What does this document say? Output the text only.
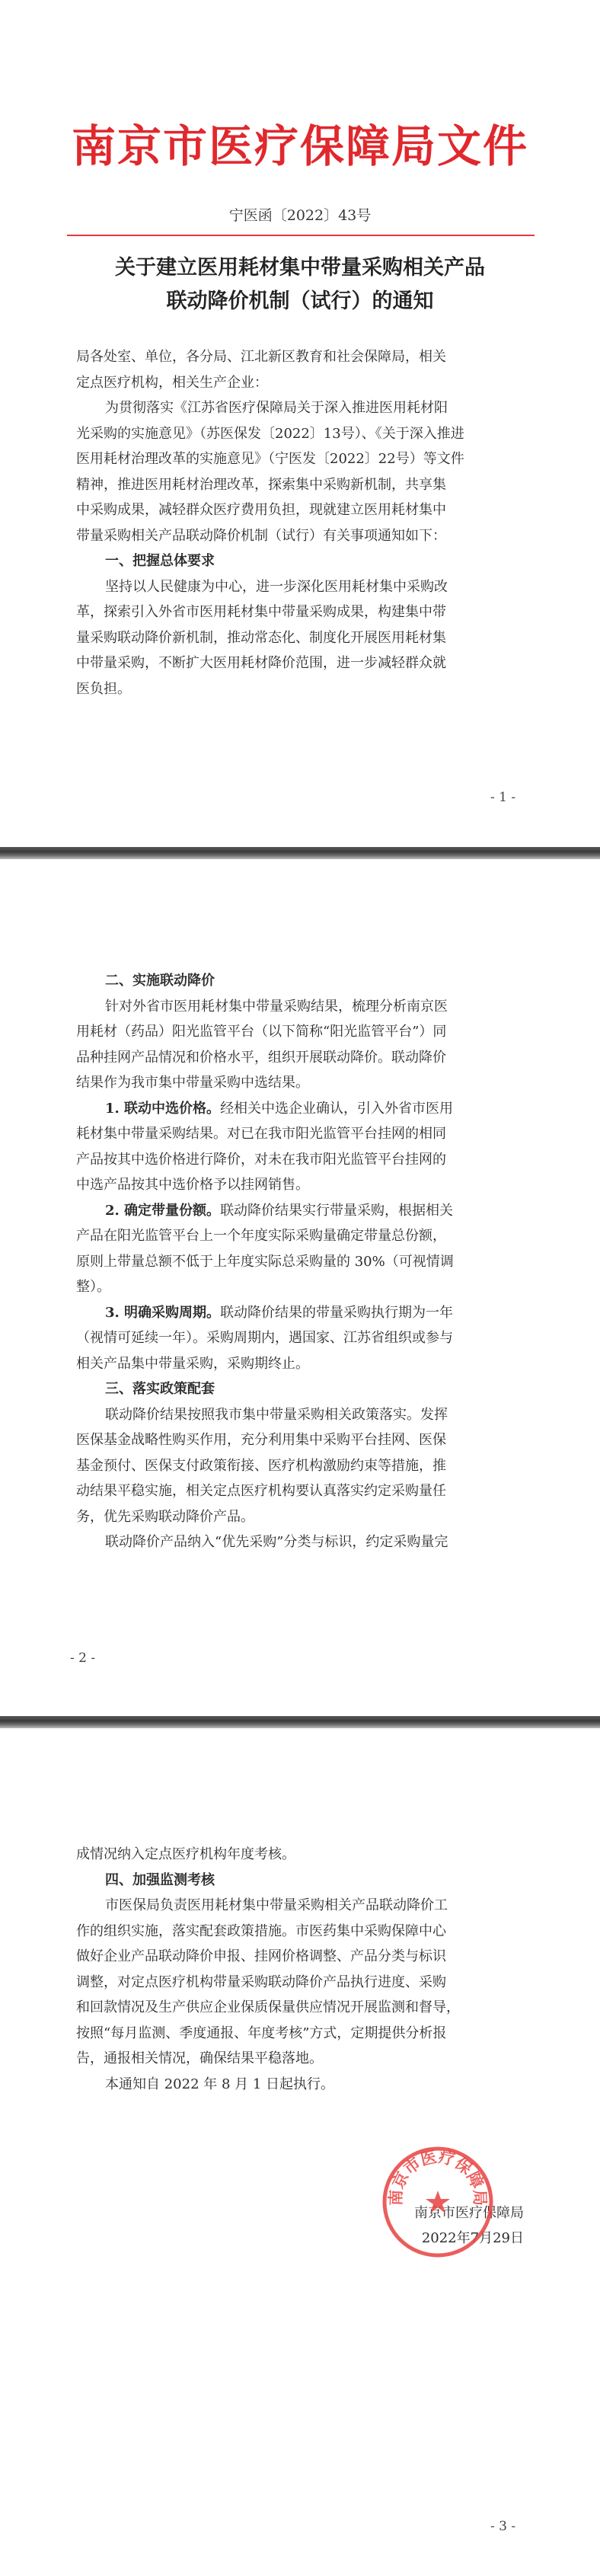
南京市医疗保障局文件
宁医函〔2022〕43号
关于建立医用耗材集中带量采购相关产品
联动降价机制（试行）的通知
局各处室、单位，各分局、江北新区教育和社会保障局，相关
定点医疗机构，相关生产企业：
为贯彻落实《江苏省医疗保障局关于深入推进医用耗材阳
光采购的实施意见》（苏医保发〔2022〕13号）、《关于深入推进
医用耗材治理改革的实施意见》（宁医发〔2022〕22号）等文件
精神，推进医用耗材治理改革，探索集中采购新机制，共享集
中采购成果，减轻群众医疗费用负担，现就建立医用耗材集中
带量采购相关产品联动降价机制（试行）有关事项通知如下：
一、把握总体要求
坚持以人民健康为中心，进一步深化医用耗材集中采购改
革，探索引入外省市医用耗材集中带量采购成果，构建集中带
量采购联动降价新机制，推动常态化、制度化开展医用耗材集
中带量采购，不断扩大医用耗材降价范围，进一步减轻群众就
医负担。
- 1 -
二、实施联动降价
针对外省市医用耗材集中带量采购结果，梳理分析南京医
用耗材（药品）阳光监管平台（以下简称“阳光监管平台”）同
品种挂网产品情况和价格水平，组织开展联动降价。联动降价
结果作为我市集中带量采购中选结果。
1. 联动中选价格。经相关中选企业确认，引入外省市医用
耗材集中带量采购结果。对已在我市阳光监管平台挂网的相同
产品按其中选价格进行降价，对未在我市阳光监管平台挂网的
中选产品按其中选价格予以挂网销售。
2. 确定带量份额。联动降价结果实行带量采购，根据相关
产品在阳光监管平台上一个年度实际采购量确定带量总份额，
原则上带量总额不低于上年度实际总采购量的 30%（可视情调
整）。
3. 明确采购周期。联动降价结果的带量采购执行期为一年
（视情可延续一年）。采购周期内，遇国家、江苏省组织或参与
相关产品集中带量采购，采购期终止。
三、落实政策配套
联动降价结果按照我市集中带量采购相关政策落实。发挥
医保基金战略性购买作用，充分利用集中采购平台挂网、医保
基金预付、医保支付政策衔接、医疗机构激励约束等措施，推
动结果平稳实施，相关定点医疗机构要认真落实约定采购量任
务，优先采购联动降价产品。
联动降价产品纳入“优先采购”分类与标识，约定采购量完
- 2 -
成情况纳入定点医疗机构年度考核。
四、加强监测考核
市医保局负责医用耗材集中带量采购相关产品联动降价工
作的组织实施，落实配套政策措施。市医药集中采购保障中心
做好企业产品联动降价申报、挂网价格调整、产品分类与标识
调整，对定点医疗机构带量采购联动降价产品执行进度、采购
和回款情况及生产供应企业保质保量供应情况开展监测和督导，
按照“每月监测、季度通报、年度考核”方式，定期提供分析报
告，通报相关情况，确保结果平稳落地。
本通知自 2022 年 8 月 1 日起执行。
- 3 -
南京市医疗保障局
2022年7月29日
南京市医疗保障局
